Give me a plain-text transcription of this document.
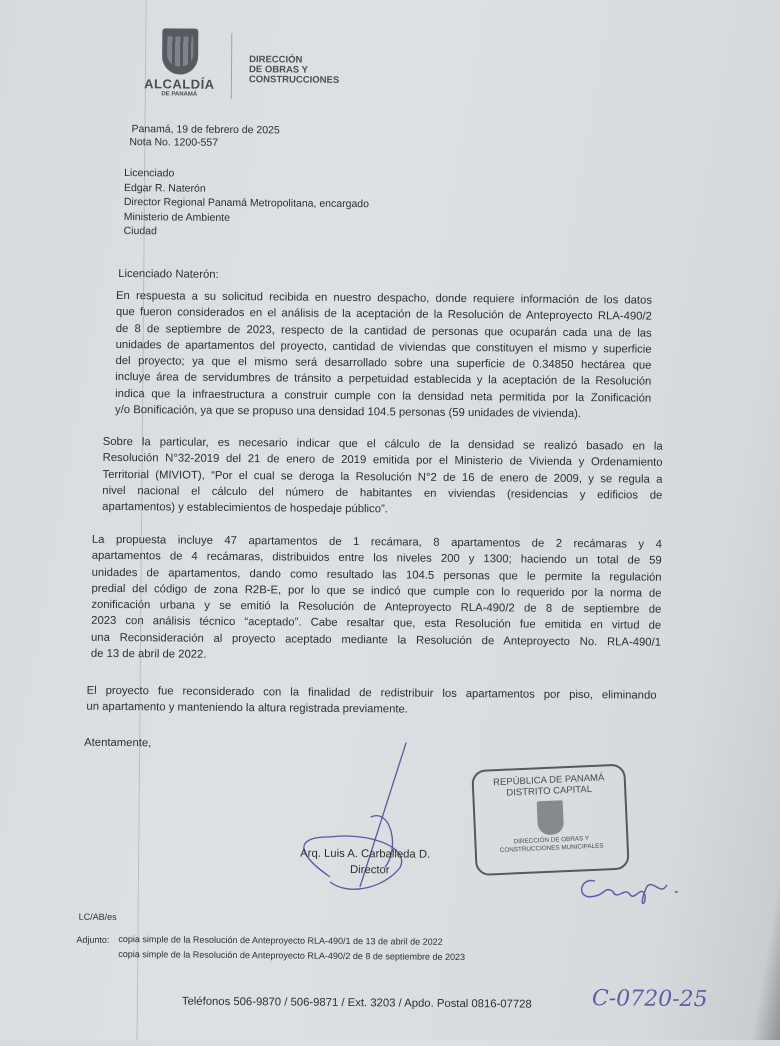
ALCALDÍA
DE PANAMÁ
DIRECCIÓN
DE OBRAS Y
CONSTRUCCIONES
Panamá, 19 de febrero de 2025
Nota No. 1200-557
Licenciado
Edgar R. Naterón
Director Regional Panamá Metropolitana, encargado
Ministerio de Ambiente
Ciudad
Licenciado Naterón:
En respuesta a su solicitud recibida en nuestro despacho, donde requiere información de los datos
que fueron considerados en el análisis de la aceptación de la Resolución de Anteproyecto RLA-490/2
de 8 de septiembre de 2023, respecto de la cantidad de personas que ocuparán cada una de las
unidades de apartamentos del proyecto, cantidad de viviendas que constituyen el mismo y superficie
del proyecto; ya que el mismo será desarrollado sobre una superficie de 0.34850 hectárea que
incluye área de servidumbres de tránsito a perpetuidad establecida y la aceptación de la Resolución
indica que la infraestructura a construir cumple con la densidad neta permitida por la Zonificación
y/o Bonificación, ya que se propuso una densidad 104.5 personas (59 unidades de vivienda).
Sobre la particular, es necesario indicar que el cálculo de la densidad se realizó basado en la
Resolución N°32-2019 del 21 de enero de 2019 emitida por el Ministerio de Vivienda y Ordenamiento
Territorial (MIVIOT), “Por el cual se deroga la Resolución N°2 de 16 de enero de 2009, y se regula a
nivel nacional el cálculo del número de habitantes en viviendas (residencias y edificios de
apartamentos) y establecimientos de hospedaje público”.
La propuesta incluye 47 apartamentos de 1 recámara, 8 apartamentos de 2 recámaras y 4
apartamentos de 4 recámaras, distribuidos entre los niveles 200 y 1300; haciendo un total de 59
unidades de apartamentos, dando como resultado las 104.5 personas que le permite la regulación
predial del código de zona R2B-E, por lo que se indicó que cumple con lo requerido por la norma de
zonificación urbana y se emitió la Resolución de Anteproyecto RLA-490/2 de 8 de septiembre de
2023 con análisis técnico “aceptado”. Cabe resaltar que, esta Resolución fue emitida en virtud de
una Reconsideración al proyecto aceptado mediante la Resolución de Anteproyecto No. RLA-490/1
de 13 de abril de 2022.
El proyecto fue reconsiderado con la finalidad de redistribuir los apartamentos por piso, eliminando
un apartamento y manteniendo la altura registrada previamente.
Atentamente,
Arq. Luis A. Carballeda D.
Director
REPÚBLICA DE PANAMÁ
DISTRITO CAPITAL
DIRECCIÓN DE OBRAS Y
CONSTRUCCIONES MUNICIPALES
LC/AB/es
Adjunto: copia simple de la Resolución de Anteproyecto RLA-490/1 de 13 de abril de 2022
copia simple de la Resolución de Anteproyecto RLA-490/2 de 8 de septiembre de 2023
Teléfonos 506-9870 / 506-9871 / Ext. 3203 / Apdo. Postal 0816-07728	C-0720-25
